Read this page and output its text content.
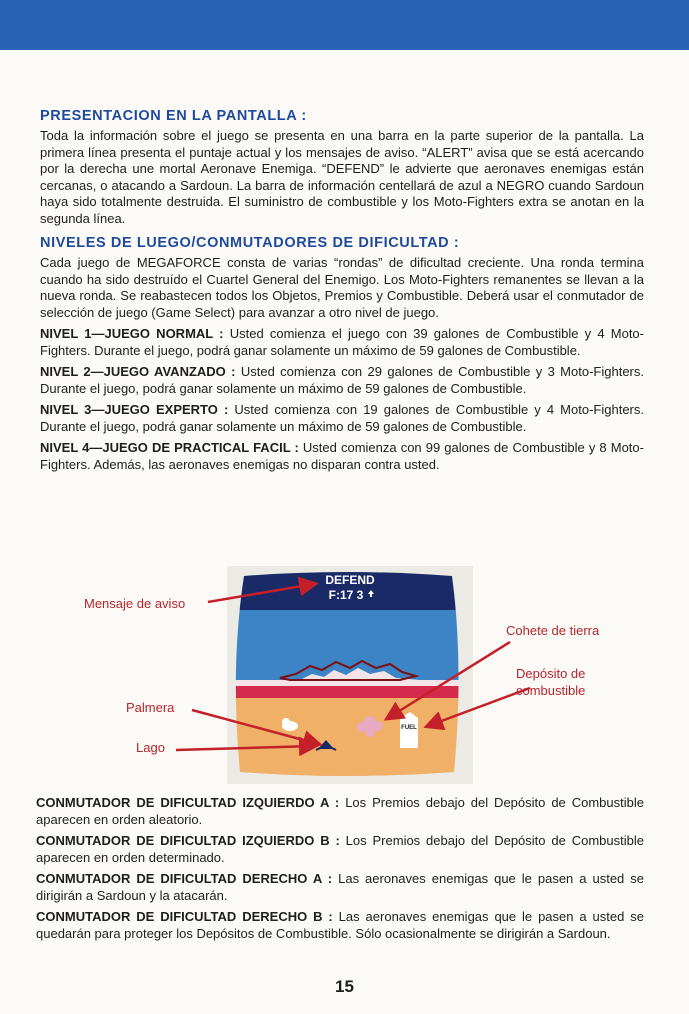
PRESENTACION EN LA PANTALLA :

Toda la información sobre el juego se presenta en una barra en la parte superior de la pantalla. La primera línea presenta el puntaje actual y los mensajes de aviso. “ALERT” avisa que se está acercando por la derecha une mortal Aeronave Enemiga. “DEFEND” le advierte que aeronaves enemigas están cercanas, o atacando a Sardoun. La barra de información centellará de azul a NEGRO cuando Sardoun haya sido totalmente destruida. El suministro de combustible y los Moto-Fighters extra se anotan en la segunda línea.

NIVELES DE LUEGO/CONMUTADORES DE DIFICULTAD :

Cada juego de MEGAFORCE consta de varias “rondas” de dificultad creciente. Una ronda termina cuando ha sido destruído el Cuartel General del Enemigo. Los Moto-Fighters remanentes se llevan a la nueva ronda. Se reabastecen todos los Objetos, Premios y Combustible. Deberá usar el conmutador de selección de juego (Game Select) para avanzar a otro nivel de juego.

NIVEL 1—JUEGO NORMAL : Usted comienza el juego con 39 galones de Combustible y 4 Moto-Fighters. Durante el juego, podrá ganar solamente un máximo de 59 galones de Combustible.

NIVEL 2—JUEGO AVANZADO : Usted comienza con 29 galones de Combustible y 3 Moto-Fighters. Durante el juego, podrá ganar solamente un máximo de 59 galones de Combustible.

NIVEL 3—JUEGO EXPERTO : Usted comienza con 19 galones de Combustible y 4 Moto-Fighters. Durante el juego, podrá ganar solamente un máximo de 59 galones de Combustible.

NIVEL 4—JUEGO DE PRACTICAL FACIL : Usted comienza con 99 galones de Combustible y 8 Moto-Fighters. Además, las aeronaves enemigas no disparan contra usted.

DEFEND
F:17 3
FUEL
Mensaje de aviso
Cohete de tierra
Depósito de
combustible
Palmera
Lago

CONMUTADOR DE DIFICULTAD IZQUIERDO A : Los Premios debajo del Depósito de Combustible aparecen en orden aleatorio.

CONMUTADOR DE DIFICULTAD IZQUIERDO B : Los Premios debajo del Depósito de Combustible aparecen en orden determinado.

CONMUTADOR DE DIFICULTAD DERECHO A : Las aeronaves enemigas que le pasen a usted se dirigirán a Sardoun y la atacarán.

CONMUTADOR DE DIFICULTAD DERECHO B : Las aeronaves enemigas que le pasen a usted se quedarán para proteger los Depósitos de Combustible. Sólo ocasionalmente se dirigirán a Sardoun.

15
